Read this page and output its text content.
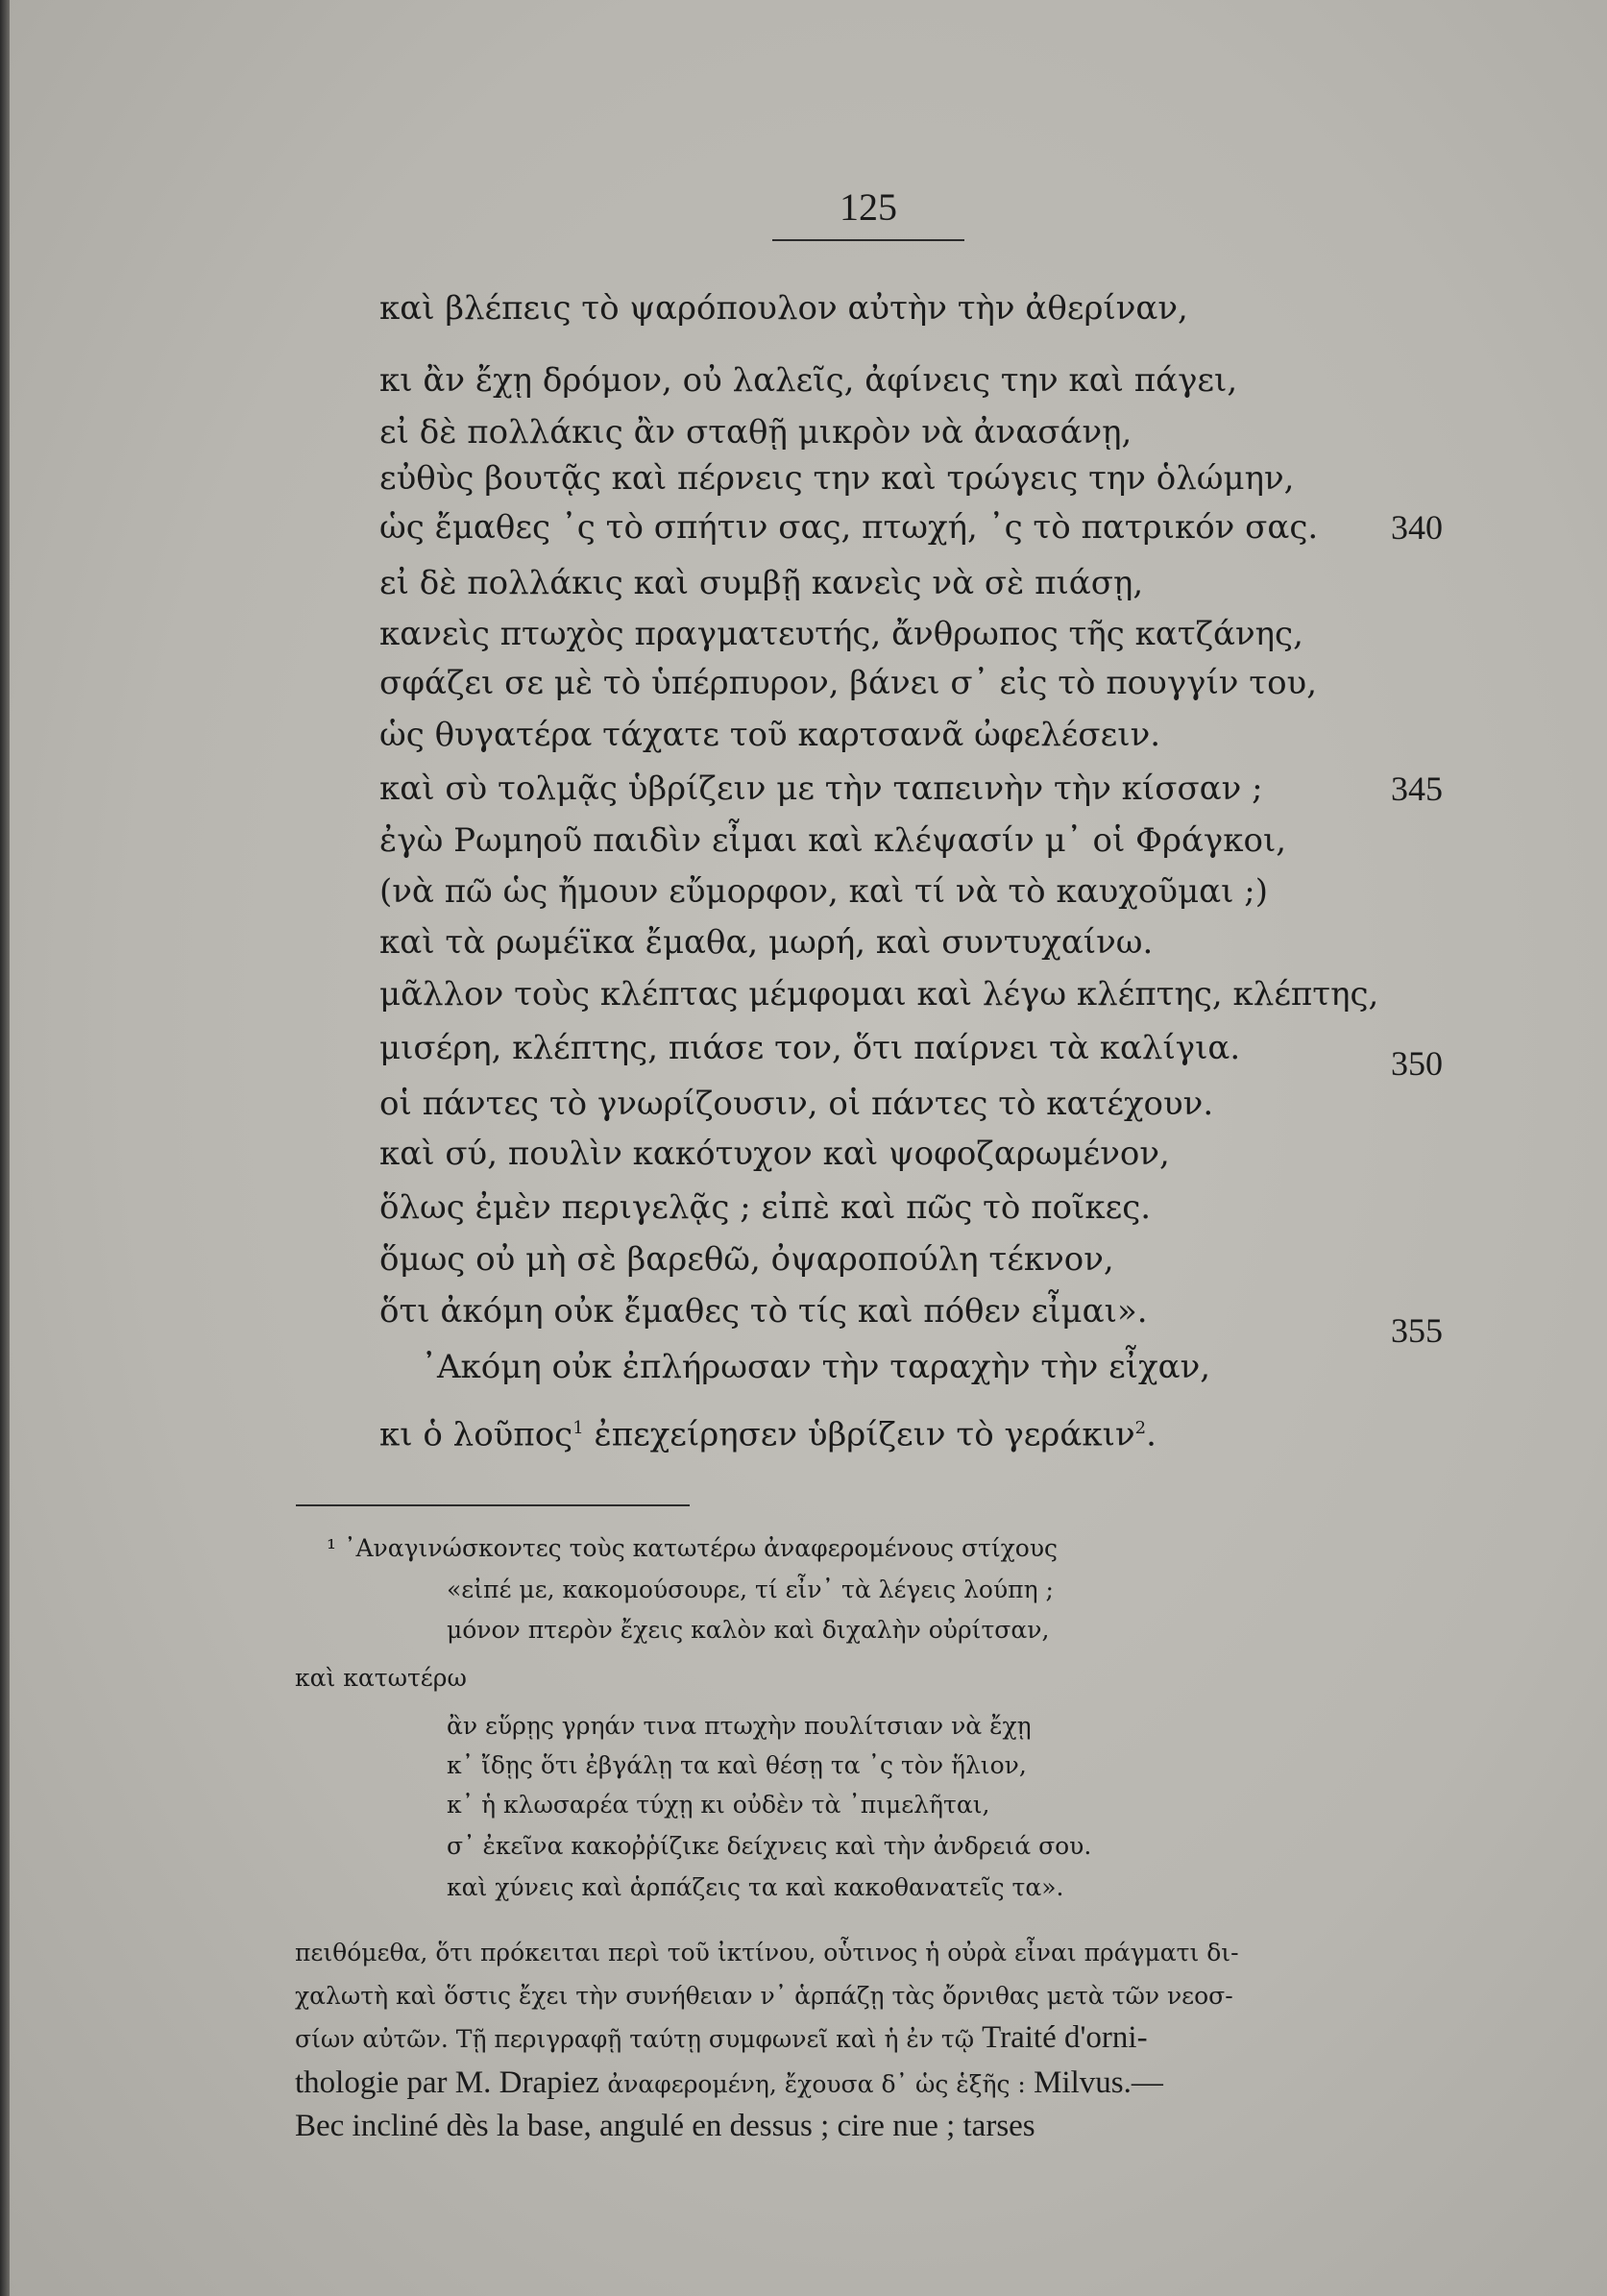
125
καὶ βλέπεις τὸ ψαρόπουλον αὐτὴν τὴν ἀθερίναν,
κι ἂν ἔχῃ δρόμον, οὐ λαλεῖς, ἀφίνεις την καὶ πάγει,
εἰ δὲ πολλάκις ἂν σταθῇ μικρὸν νὰ ἀνασάνῃ,
εὐθὺς βουτᾷς καὶ πέρνεις την καὶ τρώγεις την ὁλώμην,
ὡς ἔμαθες ᾽ς τὸ σπήτιν σας, πτωχή, ᾽ς τὸ πατρικόν σας.
εἰ δὲ πολλάκις καὶ συμβῇ κανεὶς νὰ σὲ πιάσῃ,
κανεὶς πτωχὸς πραγματευτής, ἄνθρωπος τῆς κατζάνης,
σφάζει σε μὲ τὸ ὑπέρπυρον, βάνει σ᾽ εἰς τὸ πουγγίν του,
ὡς θυγατέρα τάχατε τοῦ καρτσανᾶ ὠφελέσειν.
καὶ σὺ τολμᾷς ὑβρίζειν με τὴν ταπεινὴν τὴν κίσσαν ;
ἐγὼ Ρωμηοῦ παιδὶν εἶμαι καὶ κλέψασίν μ᾽ οἱ Φράγκοι,
(νὰ πῶ ὡς ἤμουν εὔμορφον, καὶ τί νὰ τὸ καυχοῦμαι ;)
καὶ τὰ ρωμέϊκα ἔμαθα, μωρή, καὶ συντυχαίνω.
μᾶλλον τοὺς κλέπτας μέμφομαι καὶ λέγω κλέπτης, κλέπτης,
μισέρη, κλέπτης, πιάσε τον, ὅτι παίρνει τὰ καλίγια.
οἱ πάντες τὸ γνωρίζουσιν, οἱ πάντες τὸ κατέχουν.
καὶ σύ, πουλὶν κακότυχον καὶ ψοφοζαρωμένον,
ὅλως ἐμὲν περιγελᾷς ; εἰπὲ καὶ πῶς τὸ ποῖκες.
ὅμως οὐ μὴ σὲ βαρεθῶ, ὀψαροπούλη τέκνον,
ὅτι ἀκόμη οὐκ ἔμαθες τὸ τίς καὶ πόθεν εἶμαι».
᾽Ακόμη οὐκ ἐπλήρωσαν τὴν ταραχὴν τὴν εἶχαν,
κι ὁ λοῦπος$^1$ ἐπεχείρησεν ὑβρίζειν τὸ γεράκιν$^2$.
340
345
350
355
¹ ᾽Αναγινώσκοντες τοὺς κατωτέρω ἀναφερομένους στίχους
«εἰπέ με, κακομούσουρε, τί εἶν᾽ τὰ λέγεις λούπη ;
μόνον πτερὸν ἔχεις καλὸν καὶ διχαλὴν οὐρίτσαν,
καὶ κατωτέρω
ἂν εὕρῃς γρηάν τινα πτωχὴν πουλίτσιαν νὰ ἔχῃ
κ᾽ ἴδῃς ὅτι ἐβγάλῃ τα καὶ θέσῃ τα ᾽ς τὸν ἥλιον,
κ᾽ ἡ κλωσαρέα τύχῃ κι οὐδὲν τὰ ᾽πιμελῆται,
σ᾽ ἐκεῖνα κακοῤῥίζικε δείχνεις καὶ τὴν ἀνδρειά σου.
καὶ χύνεις καὶ ἁρπάζεις τα καὶ κακοθανατεῖς τα».
πειθόμεθα, ὅτι πρόκειται περὶ τοῦ ἰκτίνου, οὗτινος ἡ οὐρὰ εἶναι πράγματι δι-
χαλωτὴ καὶ ὅστις ἔχει τὴν συνήθειαν ν᾽ ἁρπάζῃ τὰς ὄρνιθας μετὰ τῶν νεοσ-
σίων αὐτῶν. Τῇ περιγραφῇ ταύτῃ συμφωνεῖ καὶ ἡ ἐν τῷ Traité d'orni-
thologie par M. Drapiez ἀναφερομένη, ἔχουσα δ᾽ ὡς ἑξῆς : Milvus.—
Bec incliné dès la base, angulé en dessus ; cire nue ; tarses
